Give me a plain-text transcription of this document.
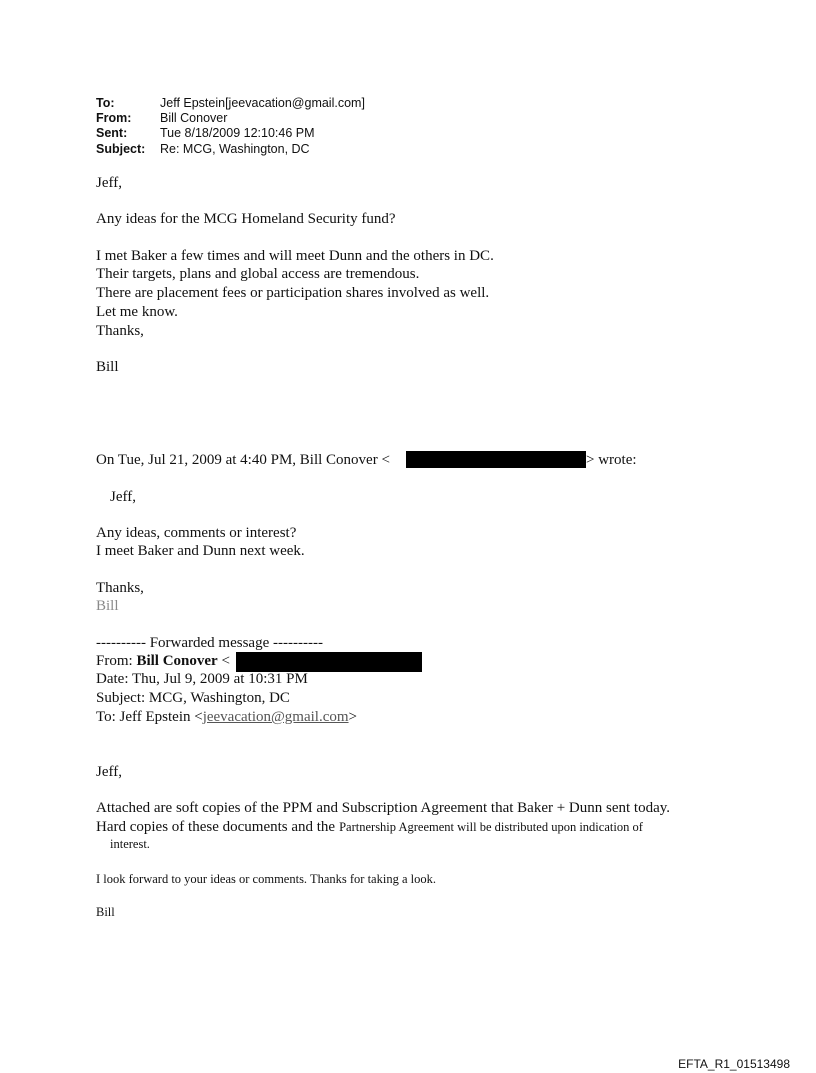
To:	Jeff Epstein[jeevacation@gmail.com]
From: Bill Conover
Sent:	Tue 8/18/2009 12:10:46 PM
Subject: Re: MCG, Washington, DC
Jeff,
Any ideas for the MCG Homeland Security fund?
I met Baker a few times and will meet Dunn and the others in DC.
Their targets, plans and global access are tremendous.
There are placement fees or participation shares involved as well.
Let me know.
Thanks,
Bill
On Tue, Jul 21, 2009 at 4:40 PM, Bill Conover <	> wrote:
Jeff,
Any ideas, comments or interest?
I meet Baker and Dunn next week.
Thanks,
Bill
---------- Forwarded message ----------
From: Bill Conover <
Date: Thu, Jul 9, 2009 at 10:31 PM
Subject: MCG, Washington, DC
To: Jeff Epstein <jeevacation@gmail.com>
Jeff,
Attached are soft copies of the PPM and Subscription Agreement that Baker + Dunn sent today.
Hard copies of these documents and the Partnership Agreement will be distributed upon indication of
interest.
I look forward to your ideas or comments. Thanks for taking a look.
Bill
EFTA_R1_01513498
